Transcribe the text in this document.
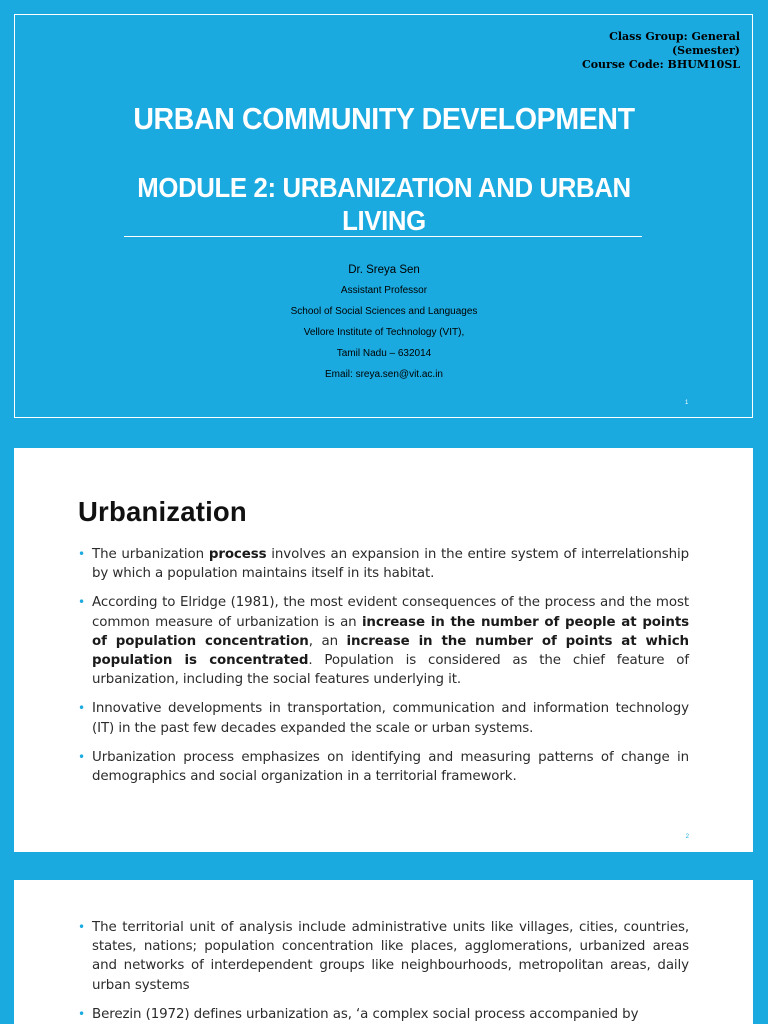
Class Group: General
(Semester)
Course Code: BHUM10SL
URBAN COMMUNITY DEVELOPMENT
MODULE 2: URBANIZATION AND URBAN
LIVING
Dr. Sreya Sen
Assistant Professor
School of Social Sciences and Languages
Vellore Institute of Technology (VIT),
Tamil Nadu – 632014
Email: sreya.sen@vit.ac.in
1
Urbanization
• The urbanization process involves an expansion in the entire system of interrelationship by which a population maintains itself in its habitat.
• According to Elridge (1981), the most evident consequences of the process and the most common measure of urbanization is an increase in the number of people at points of population concentration, an increase in the number of points at which population is concentrated. Population is considered as the chief feature of urbanization, including the social features underlying it.
• Innovative developments in transportation, communication and information technology (IT) in the past few decades expanded the scale or urban systems.
• Urbanization process emphasizes on identifying and measuring patterns of change in demographics and social organization in a territorial framework.
2
• The territorial unit of analysis include administrative units like villages, cities, countries, states, nations; population concentration like places, agglomerations, urbanized areas and networks of interdependent groups like neighbourhoods, metropolitan areas, daily urban systems
• Berezin (1972) defines urbanization as, ‘a complex social process accompanied by
